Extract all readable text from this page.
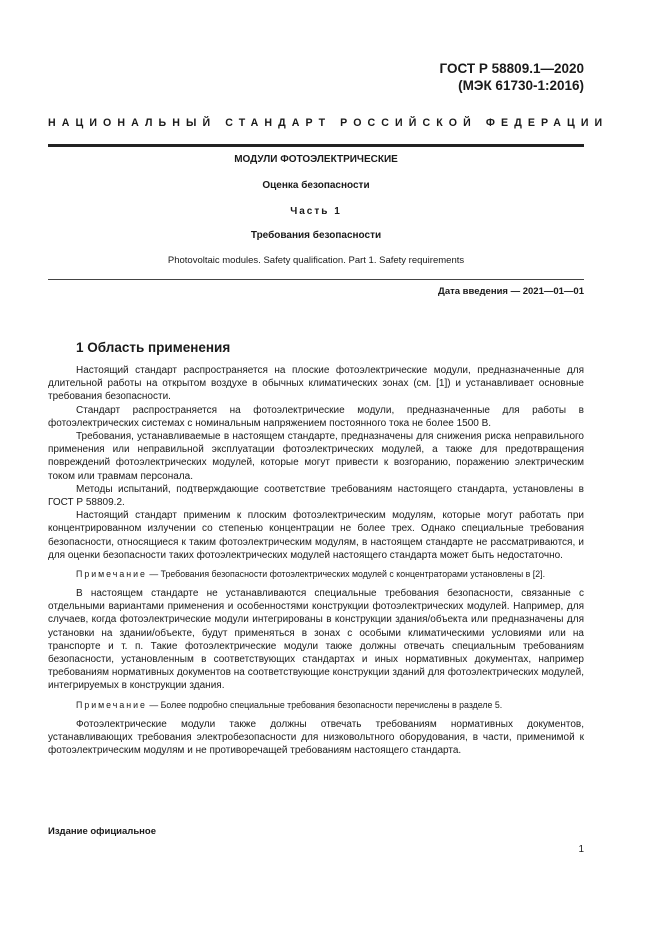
ГОСТ Р 58809.1—2020
(МЭК 61730-1:2016)
НАЦИОНАЛЬНЫЙ СТАНДАРТ РОССИЙСКОЙ ФЕДЕРАЦИИ
МОДУЛИ ФОТОЭЛЕКТРИЧЕСКИЕ
Оценка безопасности
Часть 1
Требования безопасности
Photovoltaic modules. Safety qualification. Part 1. Safety requirements
Дата введения — 2021—01—01
1 Область применения

Настоящий стандарт распространяется на плоские фотоэлектрические модули, предназначенные для длительной работы на открытом воздухе в обычных климатических зонах (см. [1]) и устанавливает основные требования безопасности.

Стандарт распространяется на фотоэлектрические модули, предназначенные для работы в фотоэлектрических системах с номинальным напряжением постоянного тока не более 1500 В.

Требования, устанавливаемые в настоящем стандарте, предназначены для снижения риска неправильного применения или неправильной эксплуатации фотоэлектрических модулей, а также для предотвращения повреждений фотоэлектрических модулей, которые могут привести к возгоранию, поражению электрическим током или травмам персонала.

Методы испытаний, подтверждающие соответствие требованиям настоящего стандарта, установлены в ГОСТ Р 58809.2.

Настоящий стандарт применим к плоским фотоэлектрическим модулям, которые могут работать при концентрированном излучении со степенью концентрации не более трех. Однако специальные требования безопасности, относящиеся к таким фотоэлектрическим модулям, в настоящем стандарте не рассматриваются, и для оценки безопасности таких фотоэлектрических модулей настоящего стандарта может быть недостаточно.

Примечание — Требования безопасности фотоэлектрических модулей с концентраторами установлены в [2].

В настоящем стандарте не устанавливаются специальные требования безопасности, связанные с отдельными вариантами применения и особенностями конструкции фотоэлектрических модулей. Например, для случаев, когда фотоэлектрические модули интегрированы в конструкции здания/объекта или предназначены для установки на здании/объекте, будут применяться в зонах с особыми климатическими условиями или на транспорте и т. п. Такие фотоэлектрические модули также должны отвечать специальным требованиям безопасности, установленным в соответствующих стандартах и иных нормативных документах, например требованиям нормативных документов на соответствующие конструкции зданий для фотоэлектрических модулей, интегрируемых в конструкции здания.

Примечание — Более подробно специальные требования безопасности перечислены в разделе 5.

Фотоэлектрические модули также должны отвечать требованиям нормативных документов, устанавливающих требования электробезопасности для низковольтного оборудования, в части, применимой к фотоэлектрическим модулям и не противоречащей требованиям настоящего стандарта.

Издание официальное
1
